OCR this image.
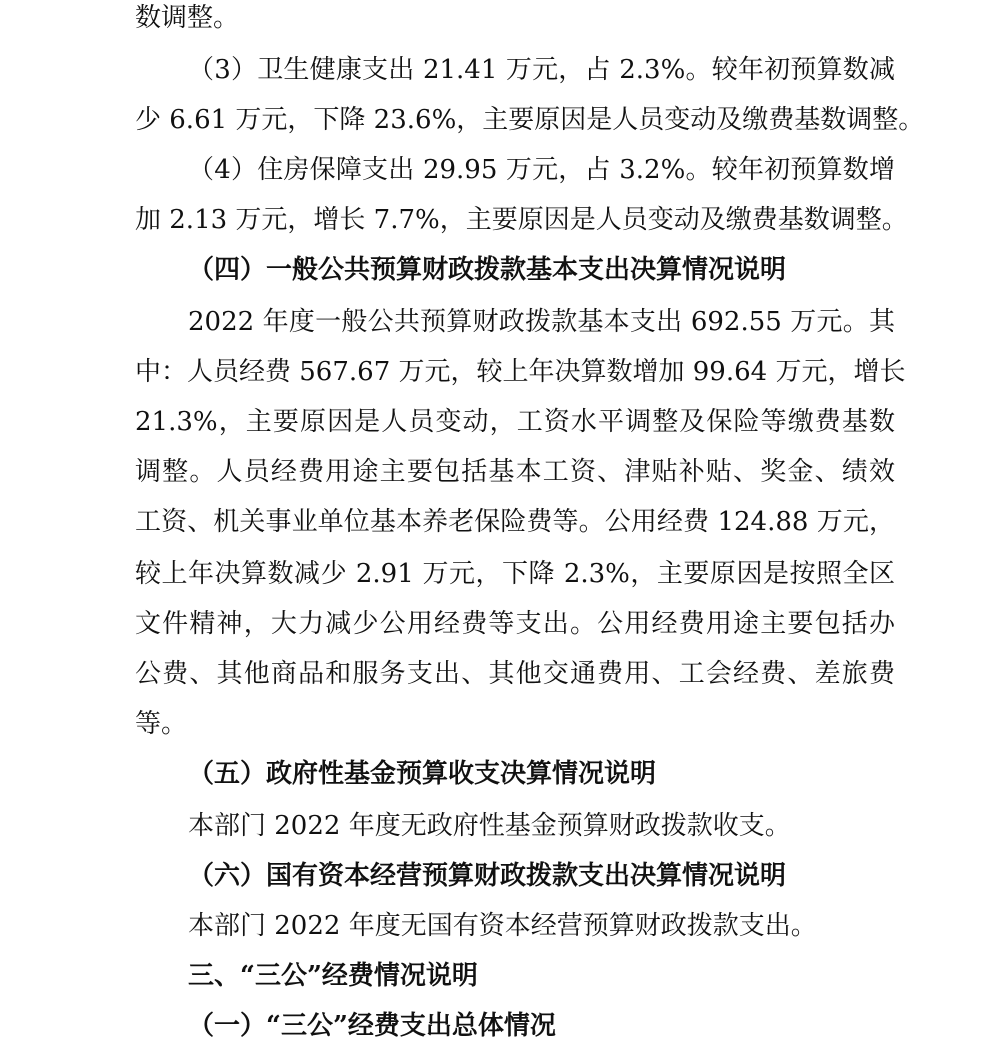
数调整。
（3）卫生健康支出 21.41 万元，占 2.3%。较年初预算数减
少 6.61 万元，下降 23.6%，主要原因是人员变动及缴费基数调整。
（4）住房保障支出 29.95 万元，占 3.2%。较年初预算数增
加 2.13 万元，增长 7.7%，主要原因是人员变动及缴费基数调整。
（四）一般公共预算财政拨款基本支出决算情况说明
2022 年度一般公共预算财政拨款基本支出 692.55 万元。其
中：人员经费 567.67 万元，较上年决算数增加 99.64 万元，增长
21.3%，主要原因是人员变动，工资水平调整及保险等缴费基数
调整。人员经费用途主要包括基本工资、津贴补贴、奖金、绩效
工资、机关事业单位基本养老保险费等。公用经费 124.88 万元，
较上年决算数减少 2.91 万元，下降 2.3%，主要原因是按照全区
文件精神，大力减少公用经费等支出。公用经费用途主要包括办
公费、其他商品和服务支出、其他交通费用、工会经费、差旅费
等。
（五）政府性基金预算收支决算情况说明
本部门 2022 年度无政府性基金预算财政拨款收支。
（六）国有资本经营预算财政拨款支出决算情况说明
本部门 2022 年度无国有资本经营预算财政拨款支出。
三、“三公”经费情况说明
（一）“三公”经费支出总体情况
